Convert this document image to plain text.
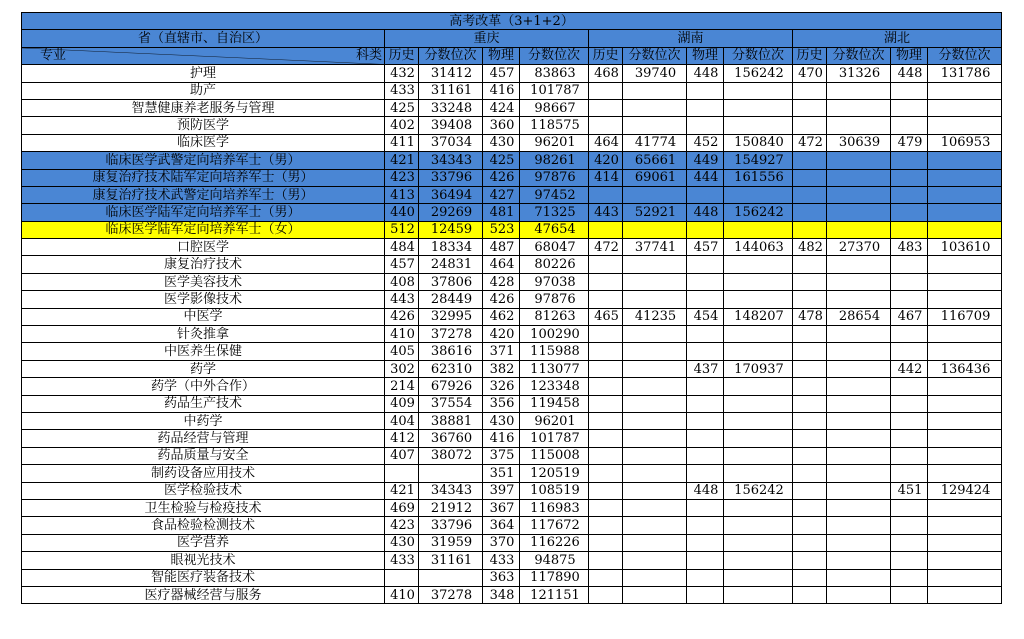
高考改革（3+1+2）												
省（直辖市、自治区）	重庆				湖南				湖北			

专业 科类	历史	分数位次	物理	分数位次	历史	分数位次	物理	分数位次	历史	分数位次	物理	分数位次
护理	432	31412	457	83863	468	39740	448	156242	470	31326	448	131786
助产	433	31161	416	101787								
智慧健康养老服务与管理	425	33248	424	98667								
预防医学	402	39408	360	118575								
临床医学	411	37034	430	96201	464	41774	452	150840	472	30639	479	106953
临床医学武警定向培养军士（男）	421	34343	425	98261	420	65661	449	154927				
康复治疗技术陆军定向培养军士（男）	423	33796	426	97876	414	69061	444	161556				
康复治疗技术武警定向培养军士（男）	413	36494	427	97452								
临床医学陆军定向培养军士（男）	440	29269	481	71325	443	52921	448	156242				
临床医学陆军定向培养军士（女）	512	12459	523	47654								
口腔医学	484	18334	487	68047	472	37741	457	144063	482	27370	483	103610
康复治疗技术	457	24831	464	80226								
医学美容技术	408	37806	428	97038								
医学影像技术	443	28449	426	97876								
中医学	426	32995	462	81263	465	41235	454	148207	478	28654	467	116709
针灸推拿	410	37278	420	100290								
中医养生保健	405	38616	371	115988								
药学	302	62310	382	113077			437	170937			442	136436
药学（中外合作）	214	67926	326	123348								
药品生产技术	409	37554	356	119458								
中药学	404	38881	430	96201								
药品经营与管理	412	36760	416	101787								
药品质量与安全	407	38072	375	115008								
制药设备应用技术			351	120519								
医学检验技术	421	34343	397	108519			448	156242			451	129424
卫生检验与检疫技术	469	21912	367	116983								
食品检验检测技术	423	33796	364	117672								
医学营养	430	31959	370	116226								
眼视光技术	433	31161	433	94875								
智能医疗装备技术			363	117890								
医疗器械经营与服务	410	37278	348	121151								
